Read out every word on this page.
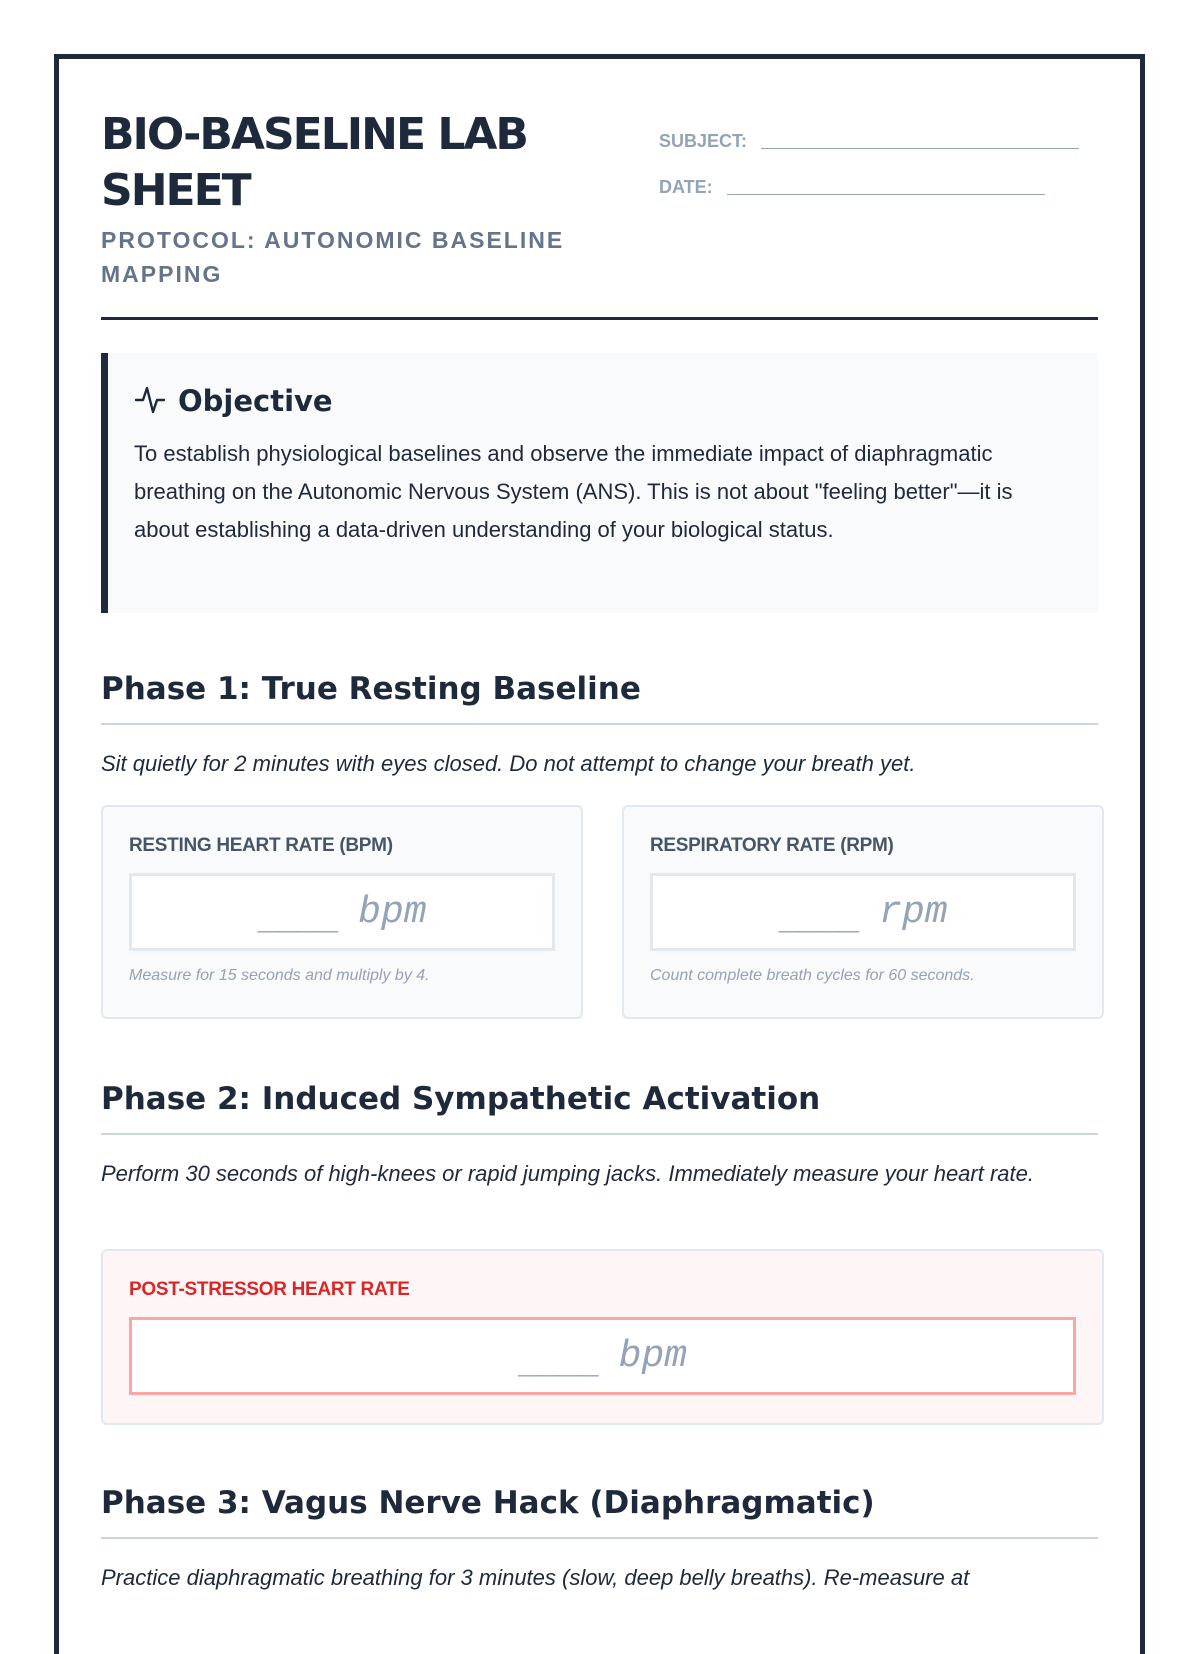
BIO-BASELINE LAB SHEET
PROTOCOL: AUTONOMIC BASELINE MAPPING
SUBJECT:
DATE:
Objective

To establish physiological baselines and observe the immediate impact of diaphragmatic breathing on the Autonomic Nervous System (ANS). This is not about "feeling better"—it is about establishing a data-driven understanding of your biological status.

Phase 1: True Resting Baseline

Sit quietly for 2 minutes with eyes closed. Do not attempt to change your breath yet.

RESTING HEART RATE (BPM)
____ bpm
Measure for 15 seconds and multiply by 4.
RESPIRATORY RATE (RPM)
____ rpm
Count complete breath cycles for 60 seconds.
Phase 2: Induced Sympathetic Activation

Perform 30 seconds of high-knees or rapid jumping jacks. Immediately measure your heart rate.

POST-STRESSOR HEART RATE
____ bpm
Phase 3: Vagus Nerve Hack (Diaphragmatic)

Practice diaphragmatic breathing for 3 minutes (slow, deep belly breaths). Re-measure at
